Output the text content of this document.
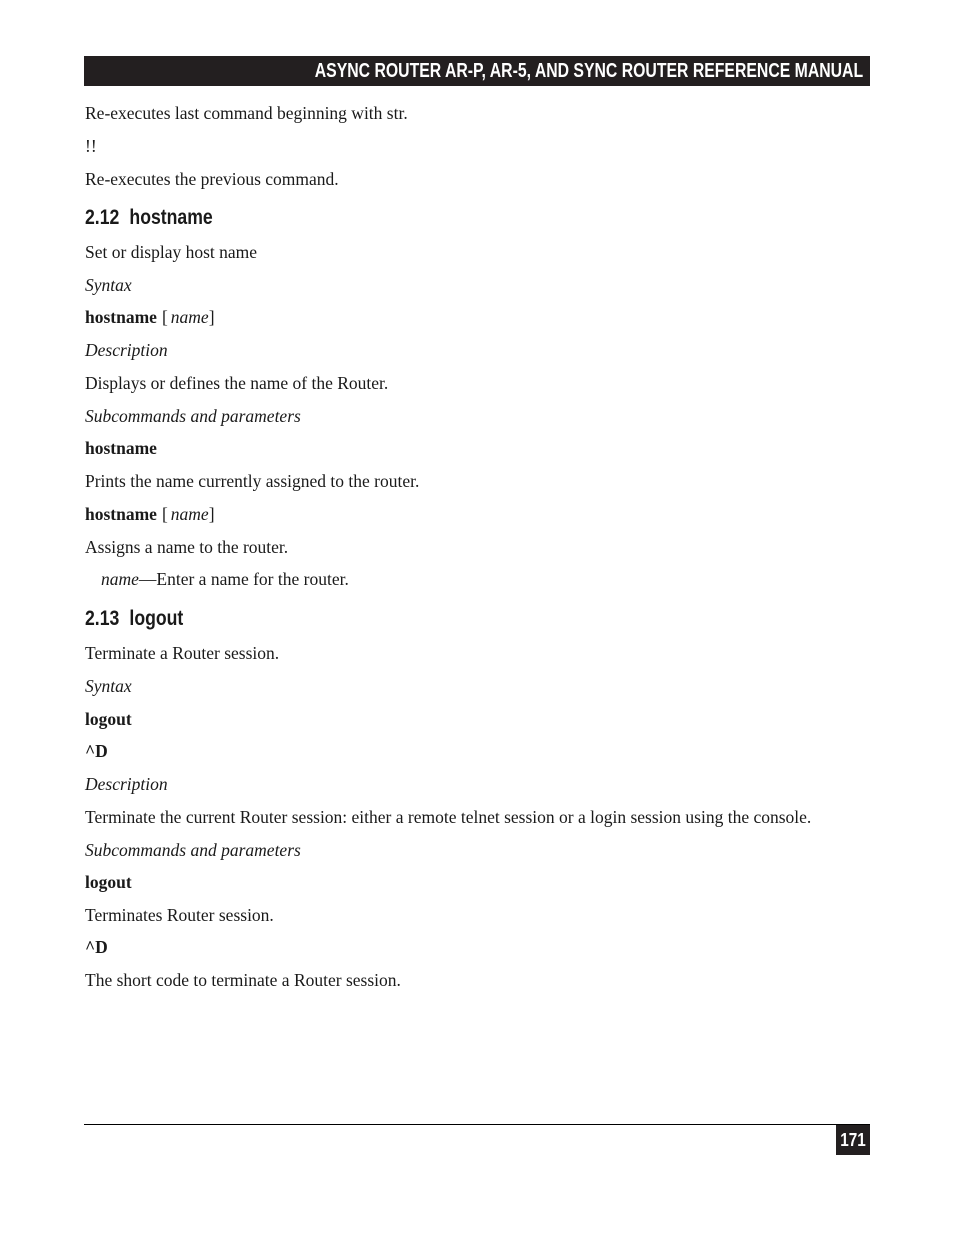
ASYNC ROUTER AR-P, AR-5, AND SYNC ROUTER REFERENCE MANUAL
Re-executes last command beginning with str.
!!
Re-executes the previous command.
2.12 hostname
Set or display host name
Syntax
hostname [ name]
Description
Displays or defines the name of the Router.
Subcommands and parameters
hostname
Prints the name currently assigned to the router.
hostname [ name]
Assigns a name to the router.
name—Enter a name for the router.
2.13 logout
Terminate a Router session.
Syntax
logout
^D
Description
Terminate the current Router session: either a remote telnet session or a login session using the console.
Subcommands and parameters
logout
Terminates Router session.
^D
The short code to terminate a Router session.
171
